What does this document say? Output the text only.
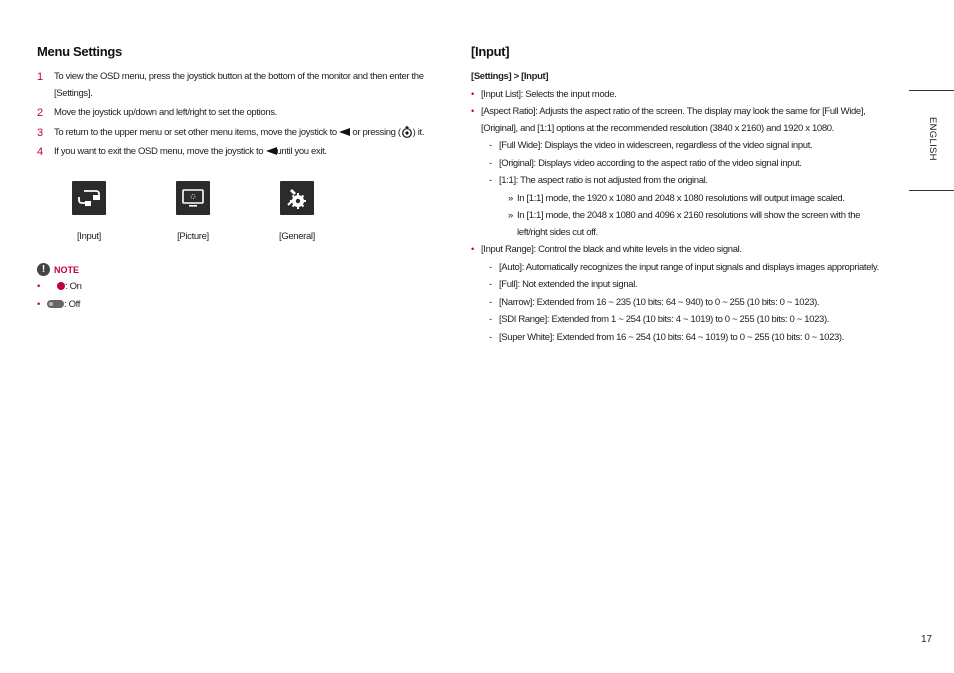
Menu Settings
1 To view the OSD menu, press the joystick button at the bottom of the monitor and then enter the [Settings].
2 Move the joystick up/down and left/right to set the options.
3 To return to the upper menu or set other menu items, move the joystick to or pressing ( ) it.
4 If you want to exit the OSD menu, move the joystick to until you exit.
[Input]	[Picture]	[General]
! NOTE
• : On
• : Off
[Input]
[Settings] > [Input]
• [Input List]: Selects the input mode.
• [Aspect Ratio]: Adjusts the aspect ratio of the screen. The display may look the same for [Full Wide], [Original], and [1:1] options at the recommended resolution (3840 x 2160) and 1920 x 1080.
- [Full Wide]: Displays the video in widescreen, regardless of the video signal input.
- [Original]: Displays video according to the aspect ratio of the video signal input.
- [1:1]: The aspect ratio is not adjusted from the original.
» In [1:1] mode, the 1920 x 1080 and 2048 x 1080 resolutions will output image scaled.
» In [1:1] mode, the 2048 x 1080 and 4096 x 2160 resolutions will show the screen with the left/right sides cut off.
• [Input Range]: Control the black and white levels in the video signal.
- [Auto]: Automatically recognizes the input range of input signals and displays images appropriately.
- [Full]: Not extended the input signal.
- [Narrow]: Extended from 16 ~ 235 (10 bits: 64 ~ 940) to 0 ~ 255 (10 bits: 0 ~ 1023).
- [SDI Range]: Extended from 1 ~ 254 (10 bits: 4 ~ 1019) to 0 ~ 255 (10 bits: 0 ~ 1023).
- [Super White]: Extended from 16 ~ 254 (10 bits: 64 ~ 1019) to 0 ~ 255 (10 bits: 0 ~ 1023).
ENGLISH
17
